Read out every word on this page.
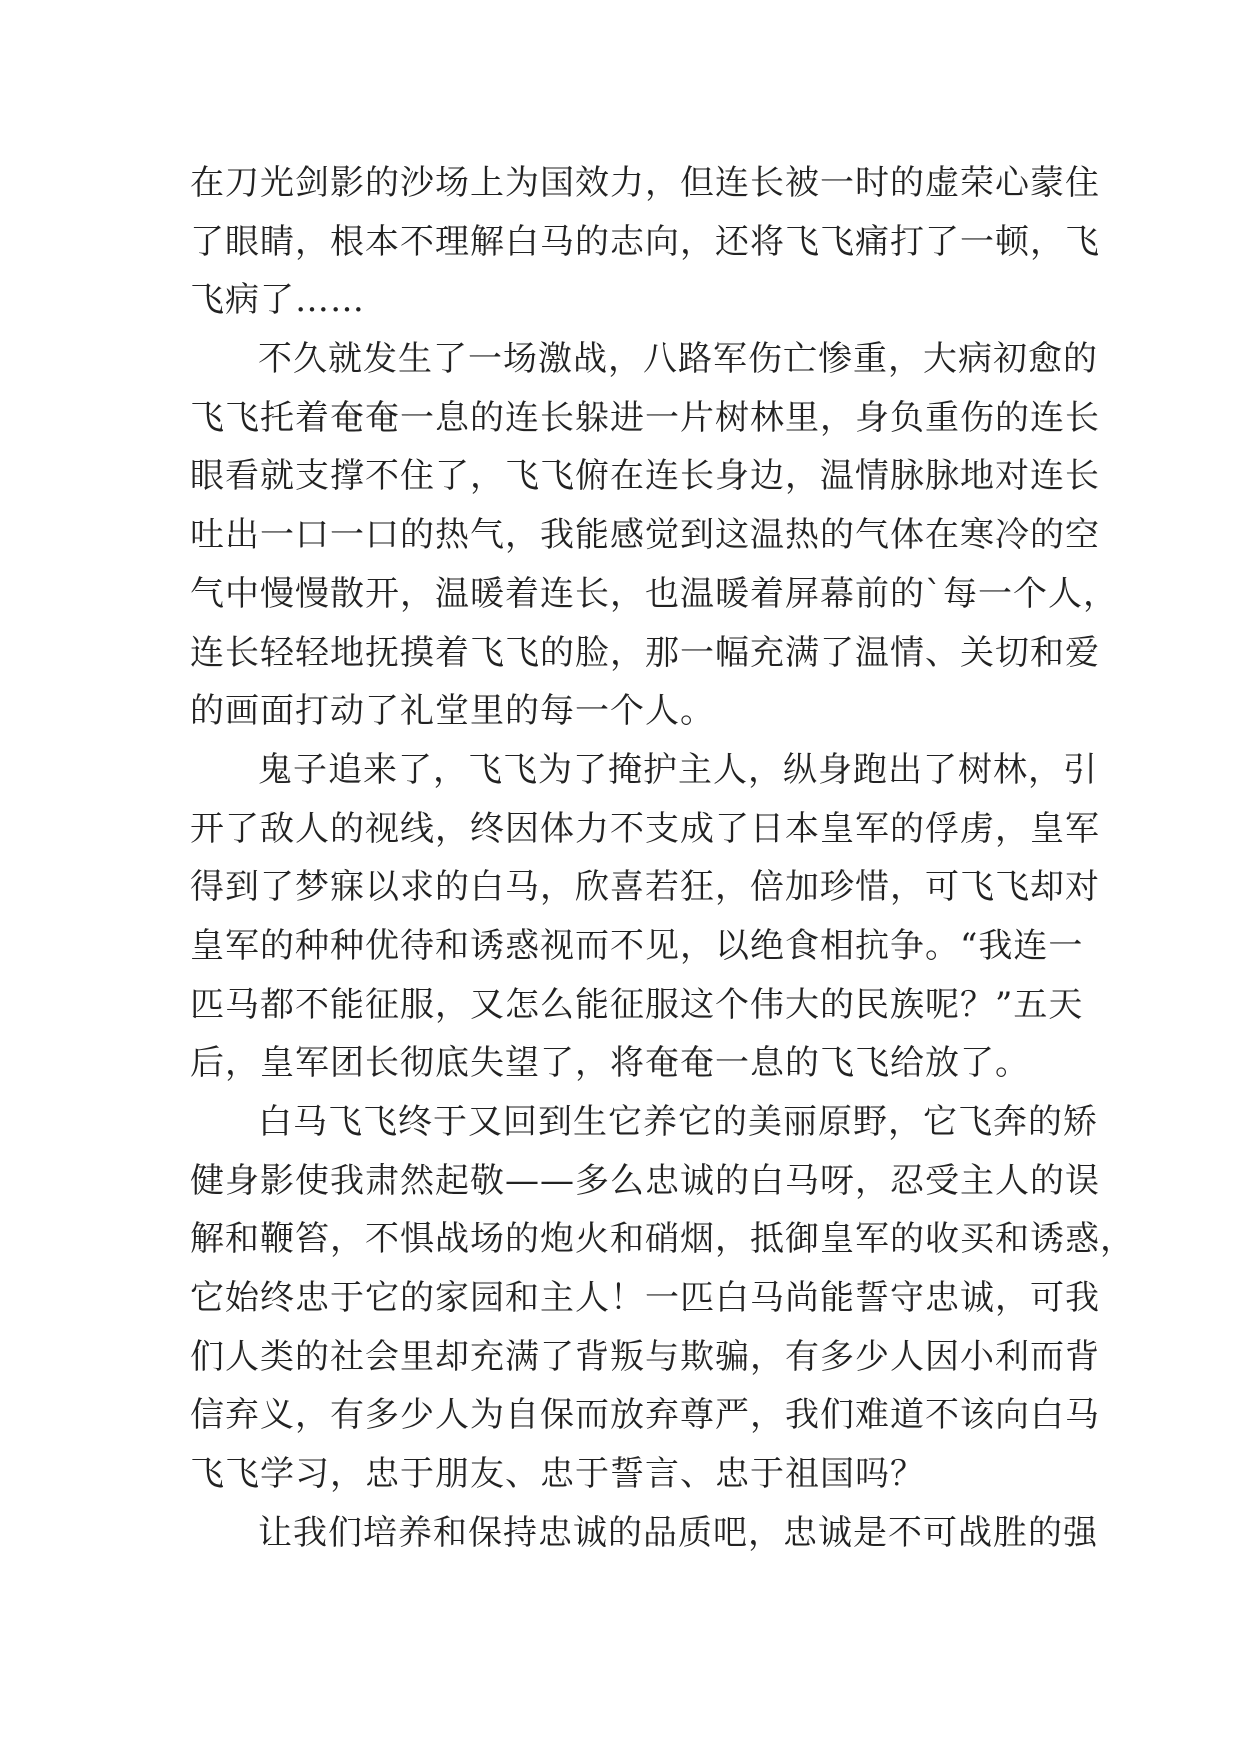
在刀光剑影的沙场上为国效力，但连长被一时的虚荣心蒙住
了眼睛，根本不理解白马的志向，还将飞飞痛打了一顿，飞
飞病了……
不久就发生了一场激战，八路军伤亡惨重，大病初愈的
飞飞托着奄奄一息的连长躲进一片树林里，身负重伤的连长
眼看就支撑不住了，飞飞俯在连长身边，温情脉脉地对连长
吐出一口一口的热气，我能感觉到这温热的气体在寒冷的空
气中慢慢散开，温暖着连长，也温暖着屏幕前的`每一个人，
连长轻轻地抚摸着飞飞的脸，那一幅充满了温情、关切和爱
的画面打动了礼堂里的每一个人。
鬼子追来了，飞飞为了掩护主人，纵身跑出了树林，引
开了敌人的视线，终因体力不支成了日本皇军的俘虏，皇军
得到了梦寐以求的白马，欣喜若狂，倍加珍惜，可飞飞却对
皇军的种种优待和诱惑视而不见，以绝食相抗争。“我连一
匹马都不能征服，又怎么能征服这个伟大的民族呢？”五天
后，皇军团长彻底失望了，将奄奄一息的飞飞给放了。
白马飞飞终于又回到生它养它的美丽原野，它飞奔的矫
健身影使我肃然起敬——多么忠诚的白马呀，忍受主人的误
解和鞭笞，不惧战场的炮火和硝烟，抵御皇军的收买和诱惑，
它始终忠于它的家园和主人！一匹白马尚能誓守忠诚，可我
们人类的社会里却充满了背叛与欺骗，有多少人因小利而背
信弃义，有多少人为自保而放弃尊严，我们难道不该向白马
飞飞学习，忠于朋友、忠于誓言、忠于祖国吗？
让我们培养和保持忠诚的品质吧，忠诚是不可战胜的强
